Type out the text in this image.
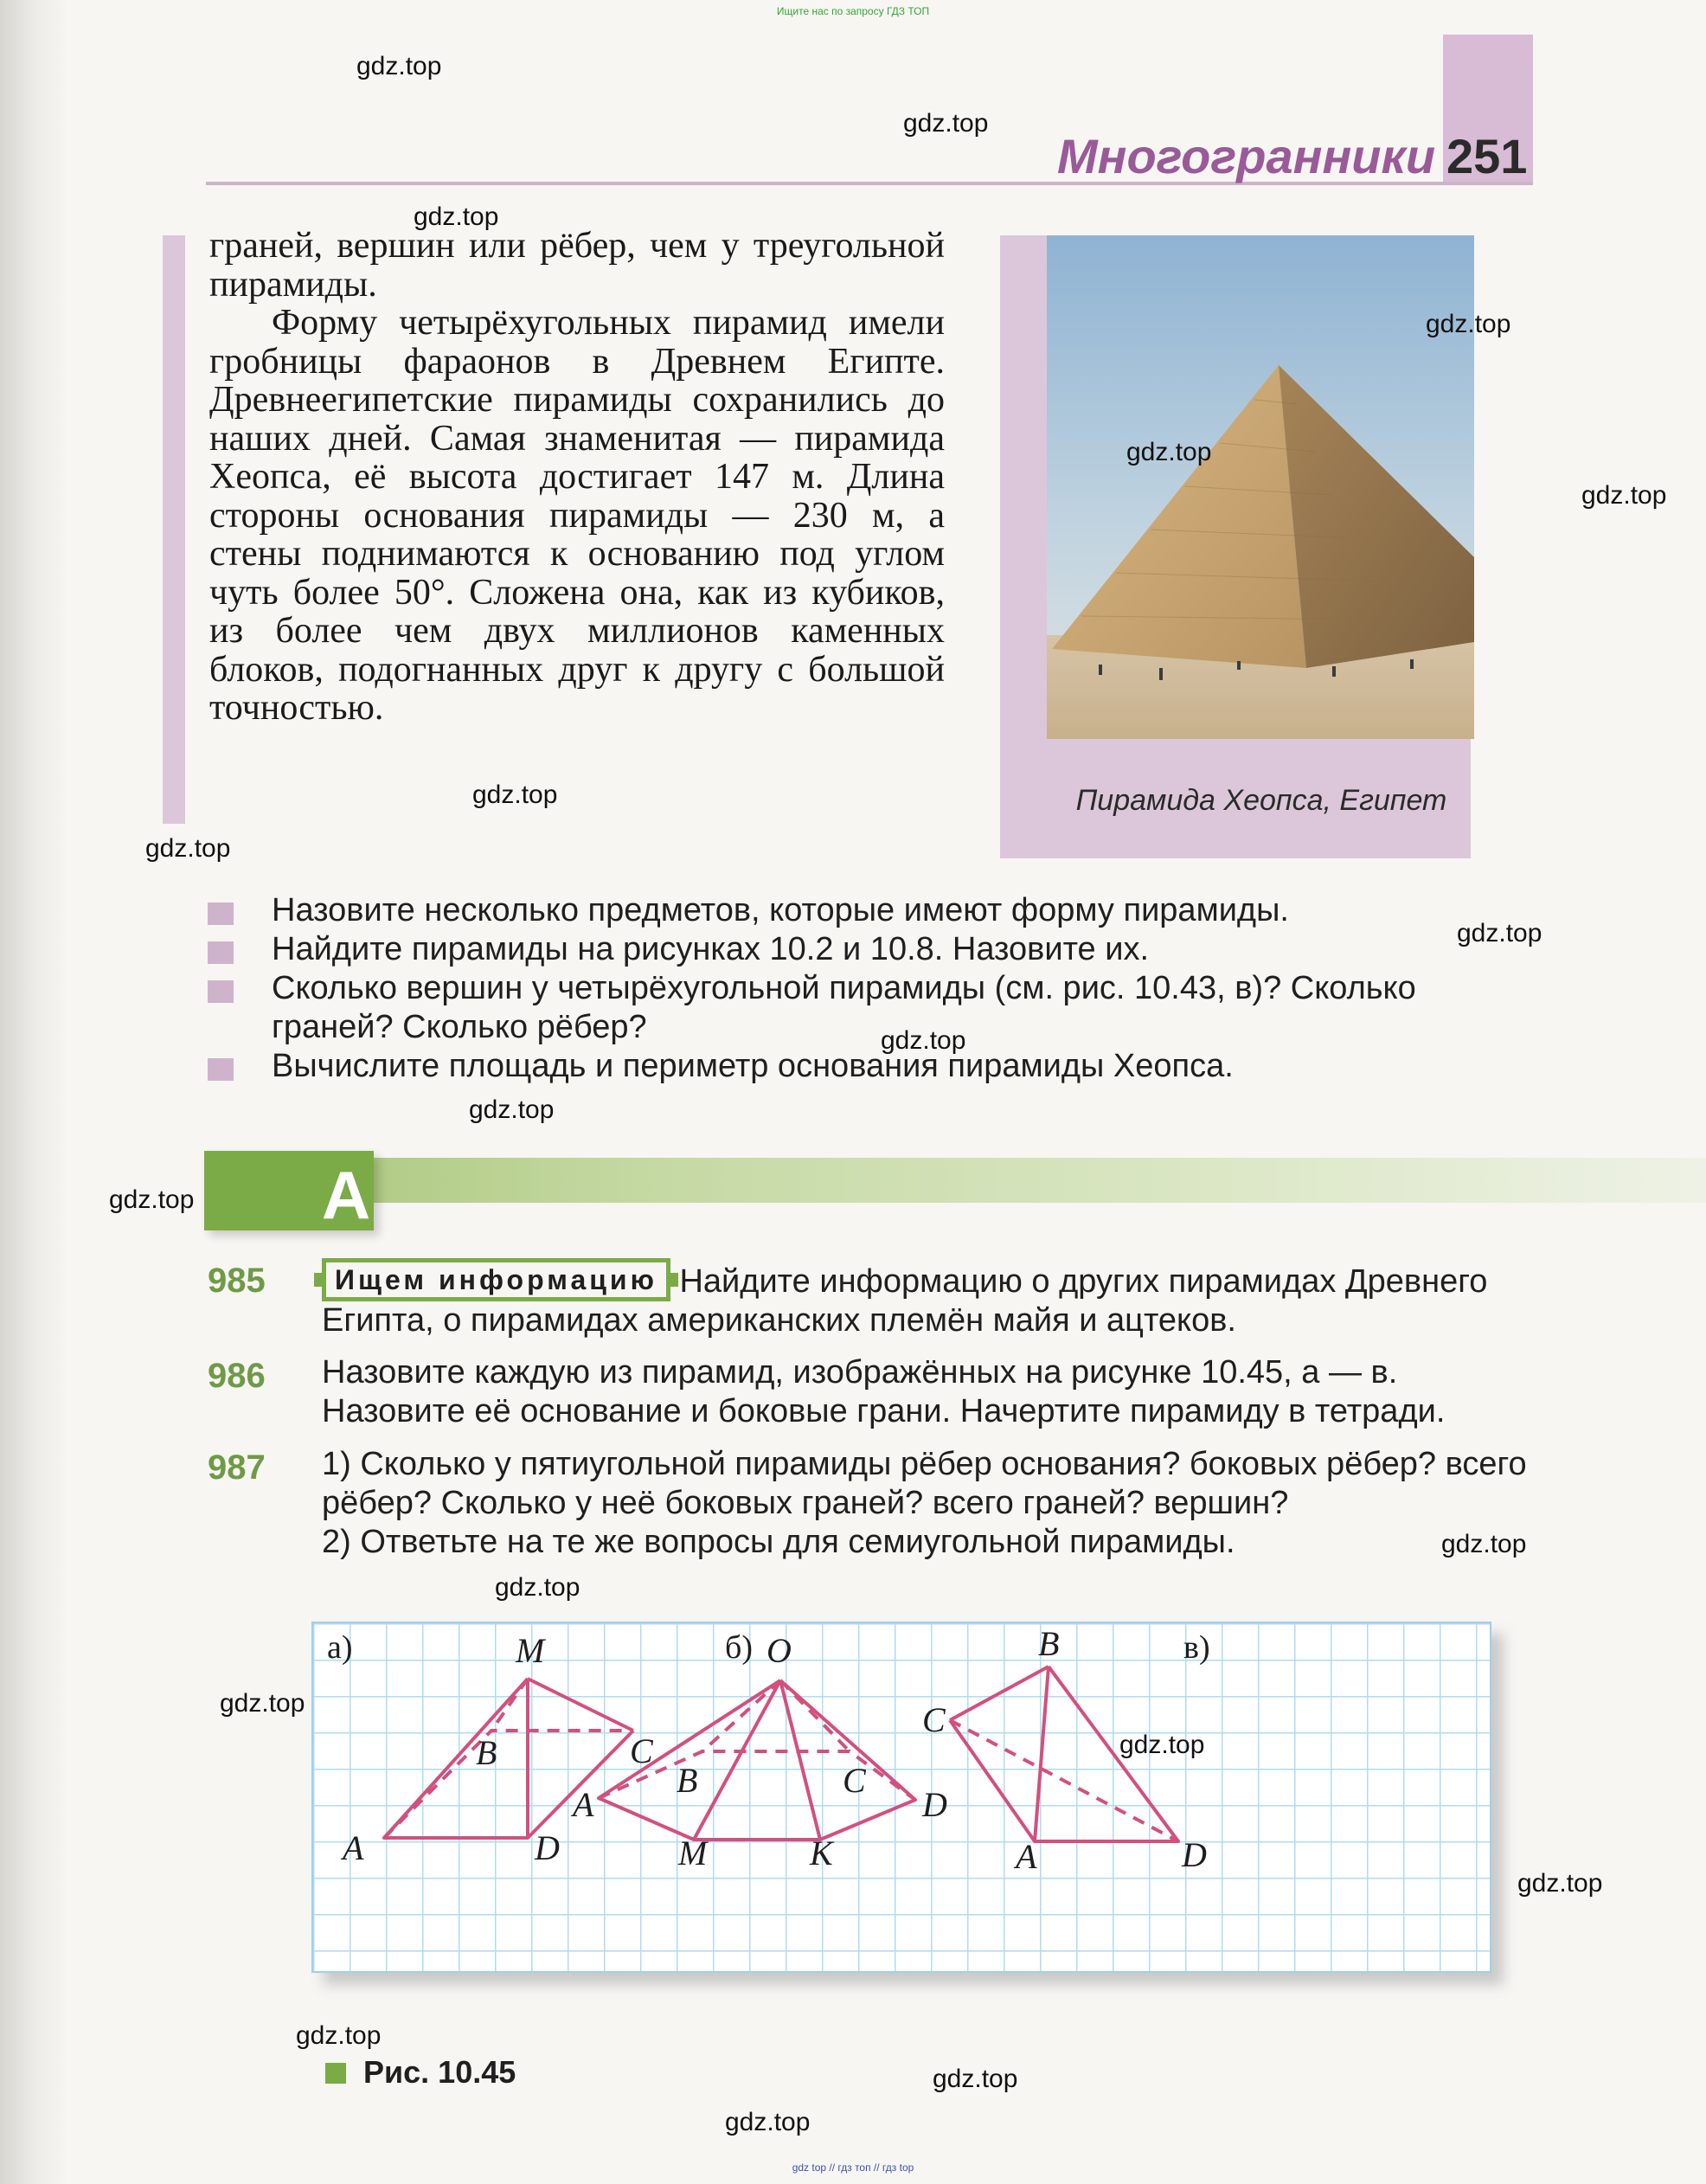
Ищите нас по запросу ГДЗ ТОП
Многогранники 251

граней, вершин или рёбер, чем у треугольной пирамиды.

Форму четырёхугольных пирамид имели гробницы фараонов в Древнем Египте. Древнеегипетские пирамиды сохранились до наших дней. Самая знаменитая — пирамида Хеопса, её высота достигает 147 м. Длина стороны основания пирамиды — 230 м, а стены поднимаются к основанию под углом чуть более 50°. Сложена она, как из кубиков, из более чем двух миллионов каменных блоков, подогнанных друг к другу с большой точностью.

Пирамида Хеопса, Египет
Назовите несколько предметов, которые имеют форму пирамиды.
Найдите пирамиды на рисунках 10.2 и 10.8. Назовите их.
Сколько вершин у четырёхугольной пирамиды (см. рис. 10.43, в)? Сколько граней? Сколько рёбер?
Вычислите площадь и периметр основания пирамиды Хеопса.
А
985	Ищем информацию Найдите информацию о других пирамидах Древнего Египта, о пирамидах американских племён майя и ацтеков.
986 Назовите каждую из пирамид, изображённых на рисунке 10.45, а — в. Назовите её основание и боковые грани. Начертите пирамиду в тетради.
987 1) Сколько у пятиугольной пирамиды рёбер основания? боковых рёбер? всего рёбер? Сколько у неё боковых граней? всего граней? вершин?
2) Ответьте на те же вопросы для семиугольной пирамиды.
а)	б)	в)
M
B	C
A	D
O
B	C
A	D
M	K
B
C
A	D
Рис. 10.45
gdz.top
gdz.top
gdz.top
gdz.top
gdz.top
gdz.top
gdz.top
gdz.top
gdz.top
gdz.top
gdz.top
gdz.top
gdz.top
gdz.top
gdz.top
gdz.top
gdz.top
gdz.top
gdz.top
gdz.top
gdz top // гдз топ // гдз top
